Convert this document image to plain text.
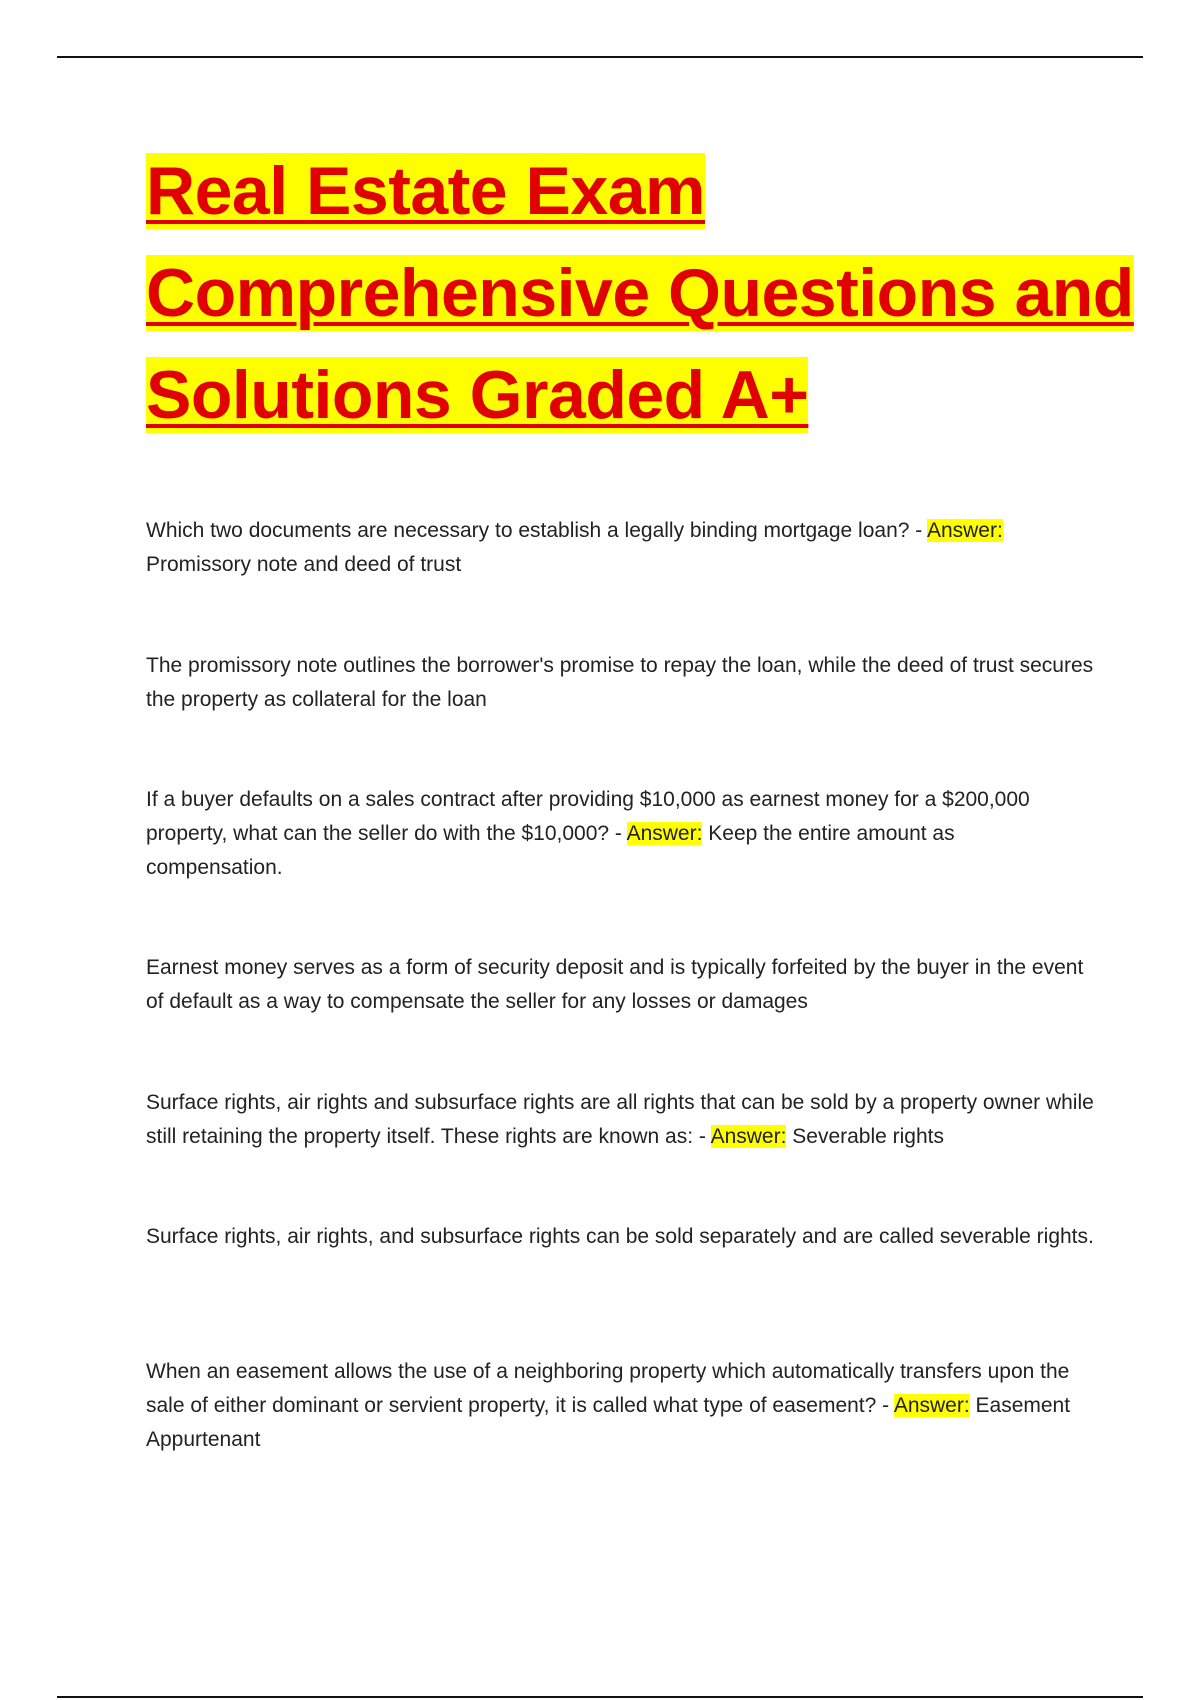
Real Estate Exam
Comprehensive Questions and
Solutions Graded A+

Which two documents are necessary to establish a legally binding mortgage loan? - Answer: Promissory note and deed of trust

The promissory note outlines the borrower's promise to repay the loan, while the deed of trust secures the property as collateral for the loan

If a buyer defaults on a sales contract after providing $10,000 as earnest money for a $200,000 property, what can the seller do with the $10,000? - Answer: Keep the entire amount as compensation.

Earnest money serves as a form of security deposit and is typically forfeited by the buyer in the event of default as a way to compensate the seller for any losses or damages

Surface rights, air rights and subsurface rights are all rights that can be sold by a property owner while still retaining the property itself. These rights are known as: - Answer: Severable rights

Surface rights, air rights, and subsurface rights can be sold separately and are called severable rights.

When an easement allows the use of a neighboring property which automatically transfers upon the sale of either dominant or servient property, it is called what type of easement? - Answer: Easement Appurtenant
